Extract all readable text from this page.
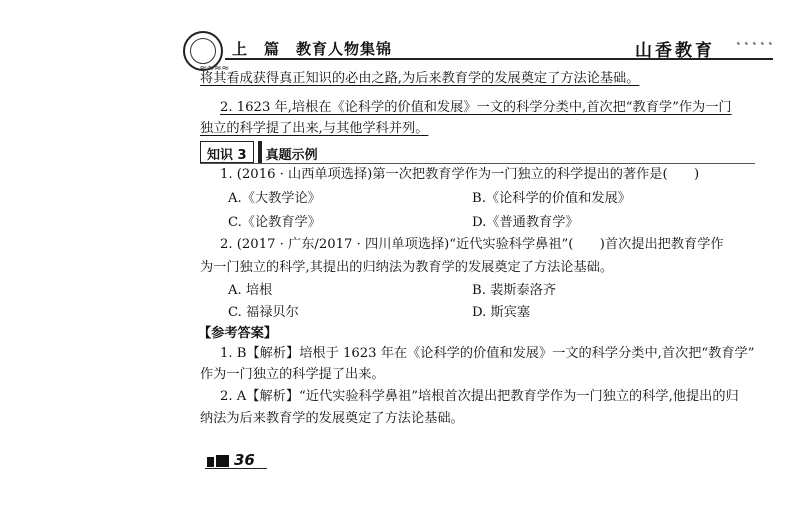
上　篇　教育人物集锦	山香教育
˛˛˛˛˛
≈≈≈≈
将其看成获得真正知识的必由之路,为后来教育学的发展奠定了方法论基础。
2. 1623 年,培根在《论科学的价值和发展》一文的科学分类中,首次把“教育学”作为一门
独立的科学提了出来,与其他学科并列。
知识 3	真题示例
1. (2016 · 山西单项选择)第一次把教育学作为一门独立的科学提出的著作是(　　)
A.《大教学论》	B.《论科学的价值和发展》
C.《论教育学》	D.《普通教育学》
2. (2017 · 广东/2017 · 四川单项选择)“近代实验科学鼻祖”(　　)首次提出把教育学作
为一门独立的科学,其提出的归纳法为教育学的发展奠定了方法论基础。
A. 培根	B. 裴斯泰洛齐
C. 福禄贝尔	D. 斯宾塞
【参考答案】
1. B【解析】培根于 1623 年在《论科学的价值和发展》一文的科学分类中,首次把“教育学”
作为一门独立的科学提了出来。
2. A【解析】“近代实验科学鼻祖”培根首次提出把教育学作为一门独立的科学,他提出的归
纳法为后来教育学的发展奠定了方法论基础。
36
